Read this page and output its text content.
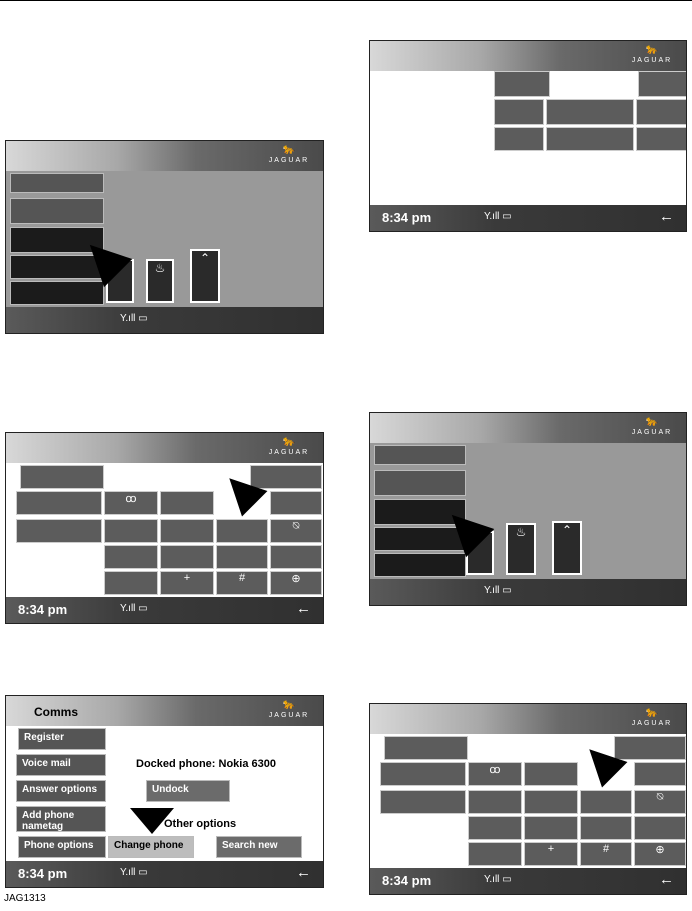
🐆
JAGUAR
✓	♨
⌃
Y.ıll ▭
🐆
JAGUAR
8:34 pm	Y.ıll ▭	←
🐆
JAGUAR
ꝏ
⍉
+	#	⊕
8:34 pm	Y.ıll ▭	←
🐆
JAGUAR
✓
♨	⌃
Y.ıll ▭
Comms
🐆
JAGUAR
Register
Voice mail
Answer options
Add phone nametag
Phone options
Docked phone: Nokia 6300
Undock
Other options
Change phone	Search new
8:34 pm	Y.ıll ▭	←
🐆
JAGUAR
ꝏ
⍉
+	#	⊕
8:34 pm	Y.ıll ▭	←
JAG1313
